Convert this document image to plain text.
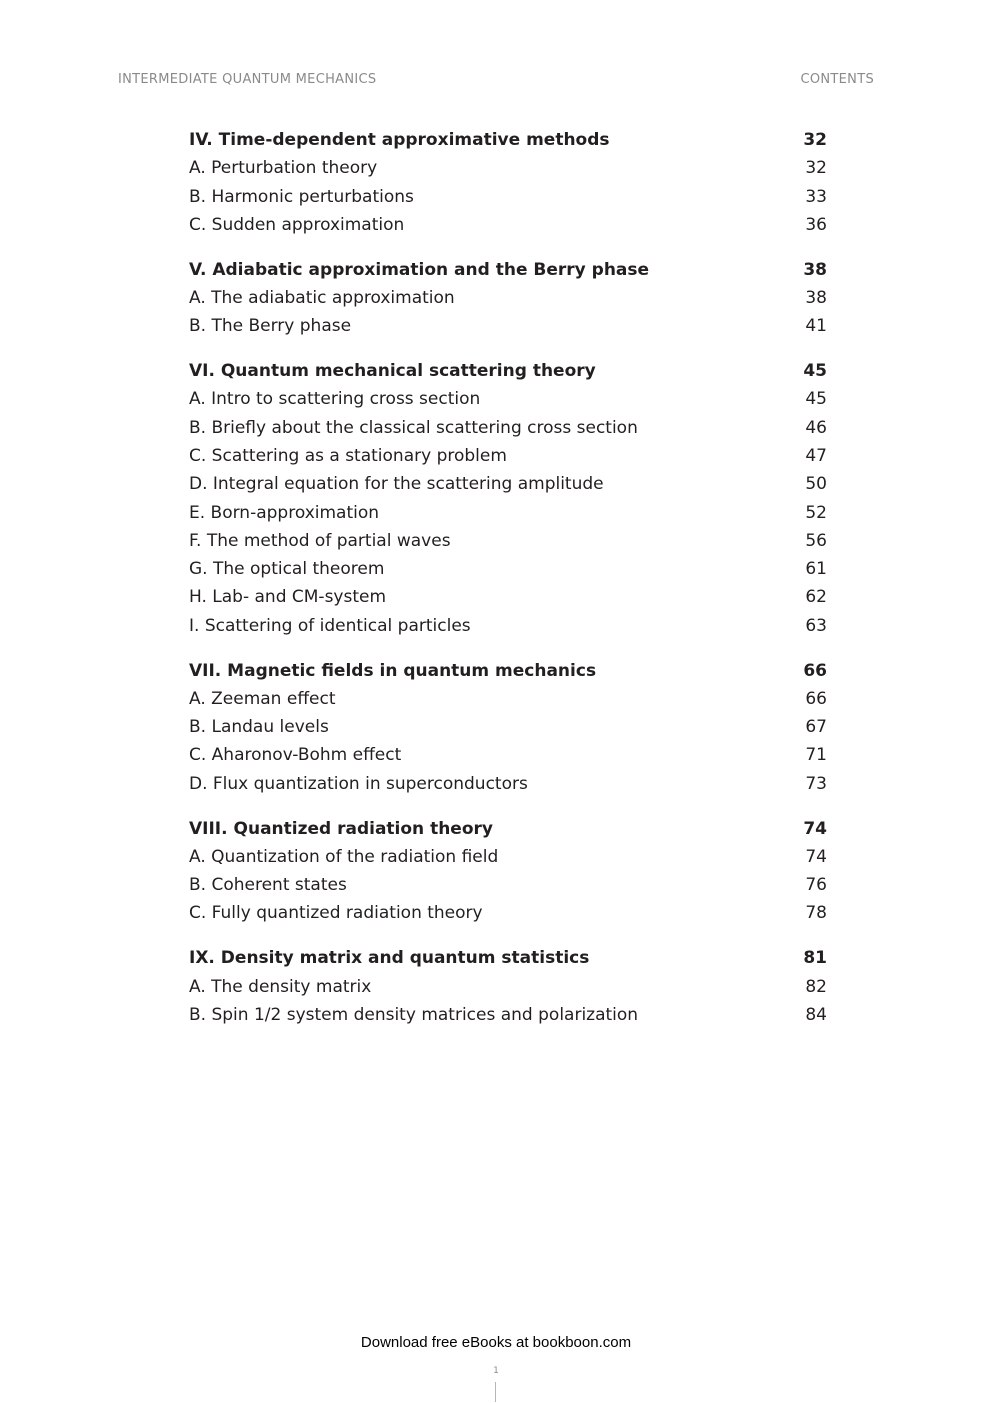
INTERMEDIATE QUANTUM MECHANICS	CONTENTS
IV. Time-dependent approximative methods	32
A. Perturbation theory	32
B. Harmonic perturbations	33
C. Sudden approximation	36
V. Adiabatic approximation and the Berry phase	38
A. The adiabatic approximation	38
B. The Berry phase	41
VI. Quantum mechanical scattering theory	45
A. Intro to scattering cross section	45
B. Briefly about the classical scattering cross section	46
C. Scattering as a stationary problem	47
D. Integral equation for the scattering amplitude	50
E. Born-approximation	52
F. The method of partial waves	56
G. The optical theorem	61
H. Lab- and CM-system	62
I. Scattering of identical particles	63
VII. Magnetic fields in quantum mechanics	66
A. Zeeman effect	66
B. Landau levels	67
C. Aharonov-Bohm effect	71
D. Flux quantization in superconductors	73
VIII. Quantized radiation theory	74
A. Quantization of the radiation field	74
B. Coherent states	76
C. Fully quantized radiation theory	78
IX. Density matrix and quantum statistics	81
A. The density matrix	82
B. Spin 1/2 system density matrices and polarization	84
Download free eBooks at bookboon.com
1
